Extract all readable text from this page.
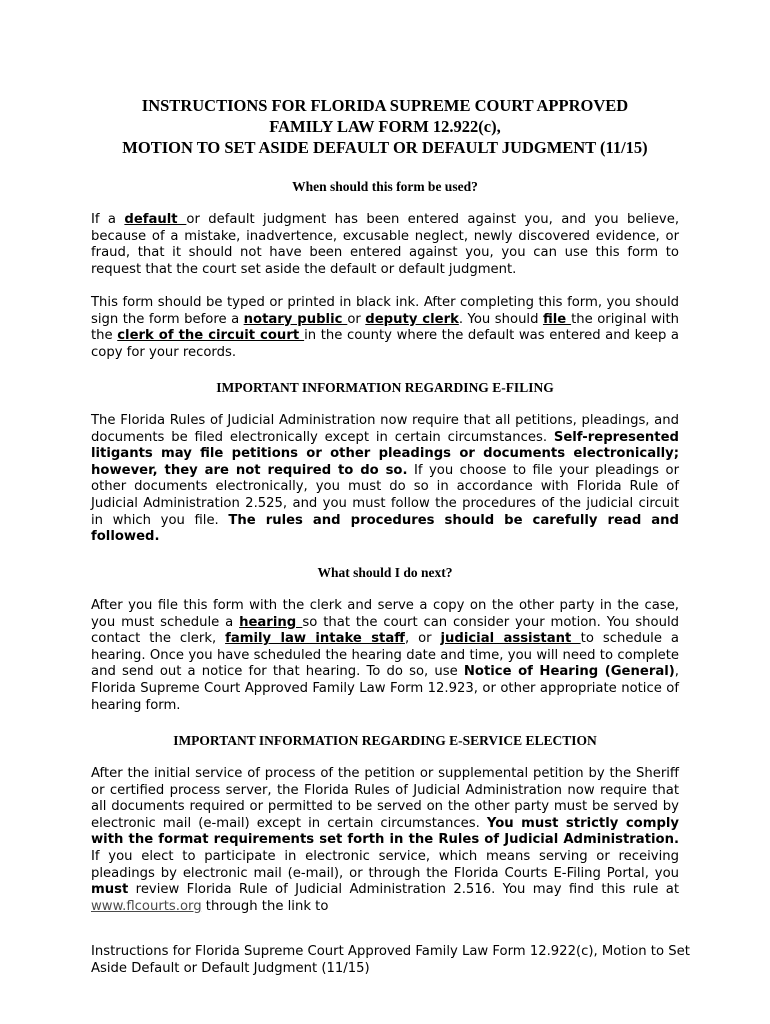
INSTRUCTIONS FOR FLORIDA SUPREME COURT APPROVED
FAMILY LAW FORM 12.922(c),
MOTION TO SET ASIDE DEFAULT OR DEFAULT JUDGMENT (11/15)
When should this form be used?

If a default or default judgment has been entered against you, and you believe, because of a mistake, inadvertence, excusable neglect, newly discovered evidence, or fraud, that it should not have been entered against you, you can use this form to request that the court set aside the default or default judgment.

This form should be typed or printed in black ink. After completing this form, you should sign the form before a notary public or deputy clerk. You should file the original with the clerk of the circuit court in the county where the default was entered and keep a copy for your records.

IMPORTANT INFORMATION REGARDING E-FILING

The Florida Rules of Judicial Administration now require that all petitions, pleadings, and documents be filed electronically except in certain circumstances. Self-represented litigants may file petitions or other pleadings or documents electronically; however, they are not required to do so. If you choose to file your pleadings or other documents electronically, you must do so in accordance with Florida Rule of Judicial Administration 2.525, and you must follow the procedures of the judicial circuit in which you file. The rules and procedures should be carefully read and followed.

What should I do next?

After you file this form with the clerk and serve a copy on the other party in the case, you must schedule a hearing so that the court can consider your motion. You should contact the clerk, family law intake staff, or judicial assistant to schedule a hearing. Once you have scheduled the hearing date and time, you will need to complete and send out a notice for that hearing. To do so, use Notice of Hearing (General), Florida Supreme Court Approved Family Law Form 12.923, or other appropriate notice of hearing form.

IMPORTANT INFORMATION REGARDING E-SERVICE ELECTION

After the initial service of process of the petition or supplemental petition by the Sheriff or certified process server, the Florida Rules of Judicial Administration now require that all documents required or permitted to be served on the other party must be served by electronic mail (e-mail) except in certain circumstances. You must strictly comply with the format requirements set forth in the Rules of Judicial Administration. If you elect to participate in electronic service, which means serving or receiving pleadings by electronic mail (e-mail), or through the Florida Courts E-Filing Portal, you must review Florida Rule of Judicial Administration 2.516. You may find this rule at www.flcourts.org through the link to

Instructions for Florida Supreme Court Approved Family Law Form 12.922(c), Motion to Set Aside Default or Default Judgment (11/15)
